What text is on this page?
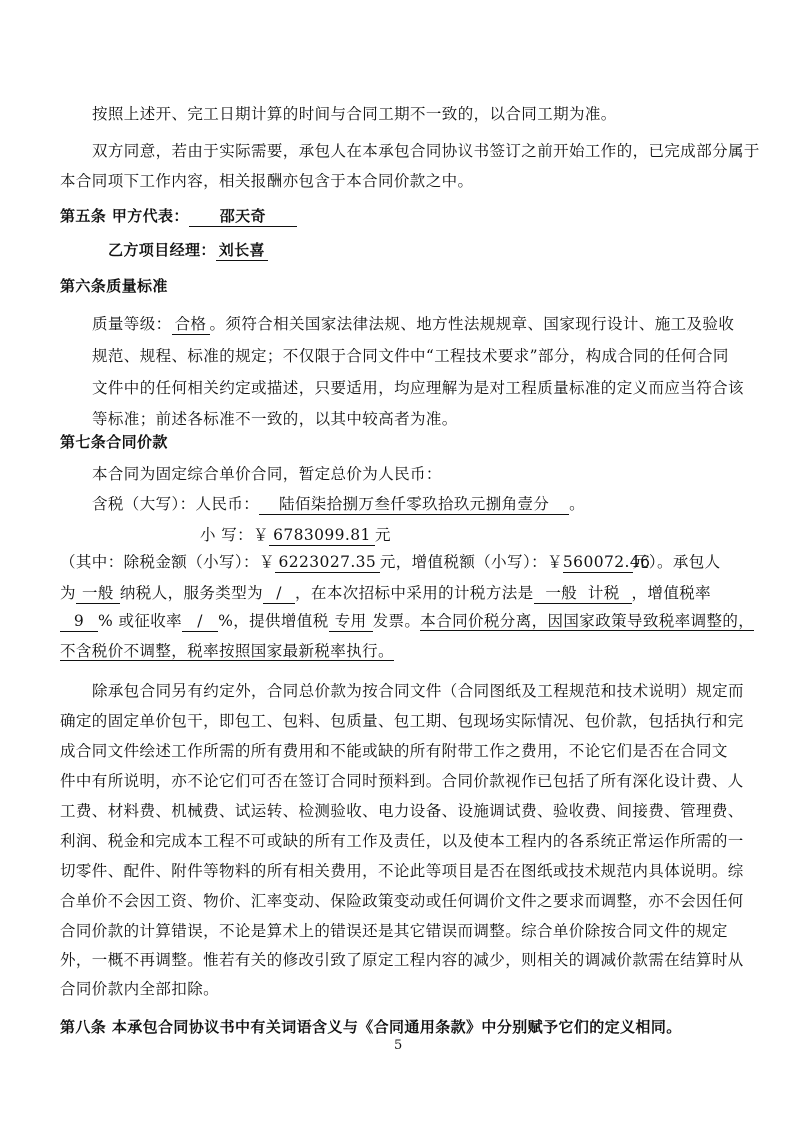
按照上述开、完工日期计算的时间与合同工期不一致的，以合同工期为准。
双方同意，若由于实际需要，承包人在本承包合同协议书签订之前开始工作的，已完成部分属于
本合同项下工作内容，相关报酬亦包含于本合同价款之中。
第五条 甲方代表： 邵天奇
乙方项目经理： 刘长喜
第六条质量标准
质量等级： 合格 。须符合相关国家法律法规、地方性法规规章、国家现行设计、施工及验收
规范、规程、标准的规定；不仅限于合同文件中“工程技术要求”部分，构成合同的任何合同
文件中的任何相关约定或描述，只要适用，均应理解为是对工程质量标准的定义而应当符合该
等标准；前述各标准不一致的，以其中较高者为准。
第七条合同价款
本合同为固定综合单价合同，暂定总价为人民币：
含税（大写）：人民币： 陆佰柒拾捌万叁仟零玖拾玖元捌角壹分 。
小 写：￥ 6783099.81 元
（其中：除税金额（小写）：￥ 6223027.35 元，增值税额（小写）：￥560072.46元）。承包人
为 一般 纳税人，服务类型为 / ，在本次招标中采用的计税方法是 一般 计税 ，增值税率
9 % 或征收率 / %，提供增值税 专用 发票。本合同价税分离，因国家政策导致税率调整的，
不含税价不调整，税率按照国家最新税率执行。
除承包合同另有约定外，合同总价款为按合同文件（合同图纸及工程规范和技术说明）规定而
确定的固定单价包干，即包工、包料、包质量、包工期、包现场实际情况、包价款，包括执行和完
成合同文件绘述工作所需的所有费用和不能或缺的所有附带工作之费用，不论它们是否在合同文
件中有所说明，亦不论它们可否在签订合同时预料到。合同价款视作已包括了所有深化设计费、人
工费、材料费、机械费、试运转、检测验收、电力设备、设施调试费、验收费、间接费、管理费、
利润、税金和完成本工程不可或缺的所有工作及责任，以及使本工程内的各系统正常运作所需的一
切零件、配件、附件等物料的所有相关费用，不论此等项目是否在图纸或技术规范内具体说明。综
合单价不会因工资、物价、汇率变动、保险政策变动或任何调价文件之要求而调整，亦不会因任何
合同价款的计算错误，不论是算术上的错误还是其它错误而调整。综合单价除按合同文件的规定
外，一概不再调整。惟若有关的修改引致了原定工程内容的减少，则相关的调减价款需在结算时从
合同价款内全部扣除。
第八条 本承包合同协议书中有关词语含义与《合同通用条款》中分别赋予它们的定义相同。
5
